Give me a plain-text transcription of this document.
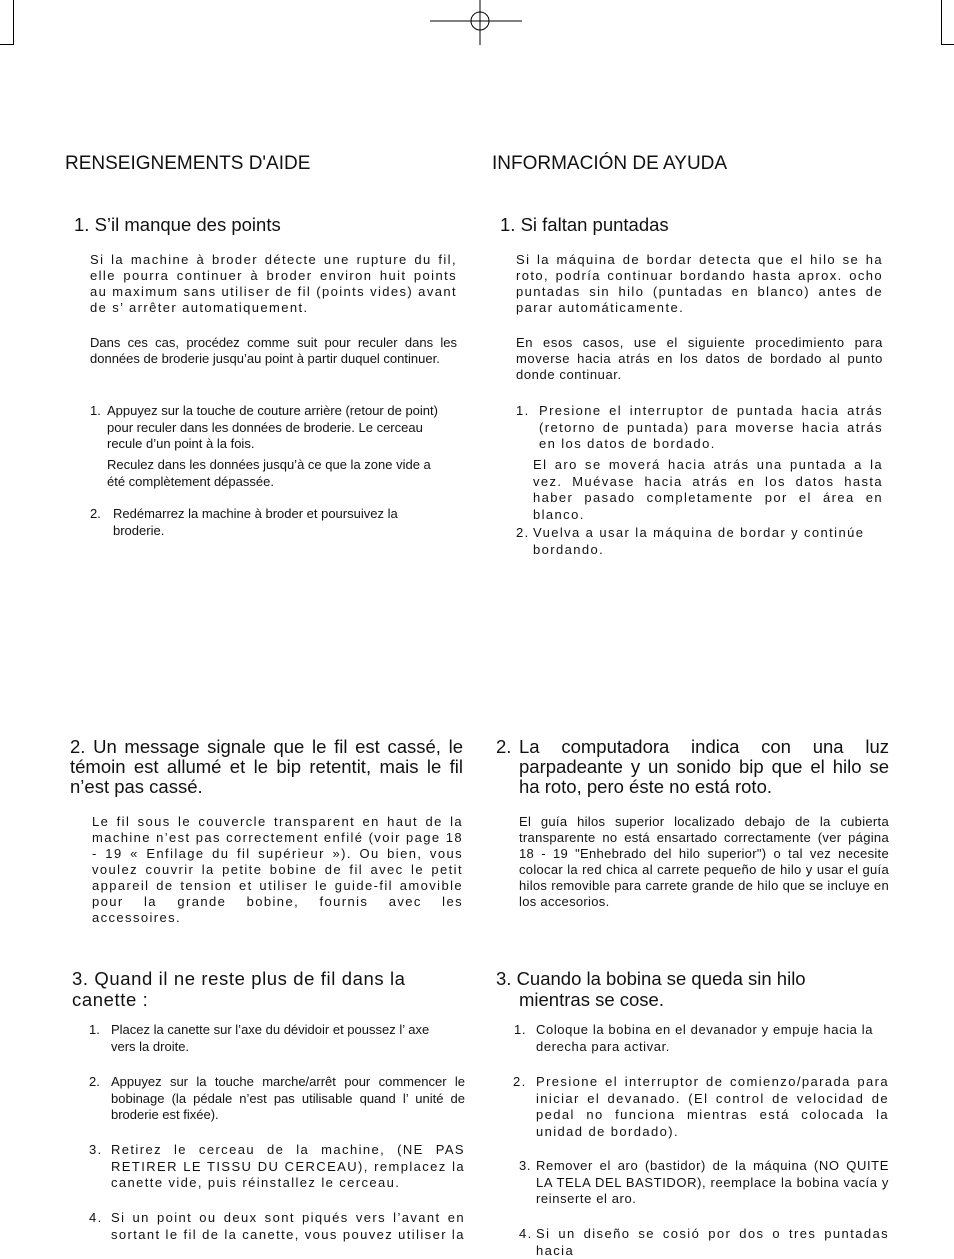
RENSEIGNEMENTS D'AIDE
1. S’il manque des points

Si la machine à broder détecte une rupture du fil, elle pourra continuer à broder environ huit points au maximum sans utiliser de fil (points vides) avant de s’ arrêter automatiquement.

Dans ces cas, procédez comme suit pour reculer dans les données de broderie jusqu’au point à partir duquel continuer.

1. Appuyez sur la touche de couture arrière (retour de point) pour reculer dans les données de broderie. Le cerceau recule d’un point à la fois.
Reculez dans les données jusqu’à ce que la zone vide a été complètement dépassée.
2. Redémarrez la machine à broder et poursuivez la broderie.
2. Un message signale que le fil est cassé, le témoin est allumé et le bip retentit, mais le fil n’est pas cassé.

Le fil sous le couvercle transparent en haut de la machine n’est pas correctement enfilé (voir page 18 - 19 « Enfilage du fil supérieur »). Ou bien, vous voulez couvrir la petite bobine de fil avec le petit appareil de tension et utiliser le guide-fil amovible pour la grande bobine, fournis avec les accessoires.

3. Quand il ne reste plus de fil dans la canette :
1. Placez la canette sur l’axe du dévidoir et poussez l’ axe vers la droite.
2. Appuyez sur la touche marche/arrêt pour commencer le bobinage (la pédale n’est pas utilisable quand l’ unité de broderie est fixée).
3. Retirez le cerceau de la machine, (NE PAS RETIRER LE TISSU DU CERCEAU), remplacez la canette vide, puis réinstallez le cerceau.
4. Si un point ou deux sont piqués vers l’avant en sortant le fil de la canette, vous pouvez utiliser la
INFORMACIÓN DE AYUDA
1. Si faltan puntadas

Si la máquina de bordar detecta que el hilo se ha roto, podría continuar bordando hasta aprox. ocho puntadas sin hilo (puntadas en blanco) antes de parar automáticamente.

En esos casos, use el siguiente procedimiento para moverse hacia atrás en los datos de bordado al punto donde continuar.

1. Presione el interruptor de puntada hacia atrás (retorno de puntada) para moverse hacia atrás en los datos de bordado.
El aro se moverá hacia atrás una puntada a la vez. Muévase hacia atrás en los datos hasta haber pasado completamente por el área en blanco.
2. Vuelva a usar la máquina de bordar y continúe bordando.
2. La computadora indica con una luz parpadeante y un sonido bip que el hilo se ha roto, pero éste no está roto.

El guía hilos superior localizado debajo de la cubierta transparente no está ensartado correctamente (ver página 18 - 19 "Enhebrado del hilo superior") o tal vez necesite colocar la red chica al carrete pequeño de hilo y usar el guía hilos removible para carrete grande de hilo que se incluye en los accesorios.

3. Cuando la bobina se queda sin hilo mientras se cose.
1. Coloque la bobina en el devanador y empuje hacia la derecha para activar.
2. Presione el interruptor de comienzo/parada para iniciar el devanado. (El control de velocidad de pedal no funciona mientras está colocada la unidad de bordado).
3. Remover el aro (bastidor) de la máquina (NO QUITE LA TELA DEL BASTIDOR), reemplace la bobina vacía y reinserte el aro.
4. Si un diseño se cosió por dos o tres puntadas hacia
